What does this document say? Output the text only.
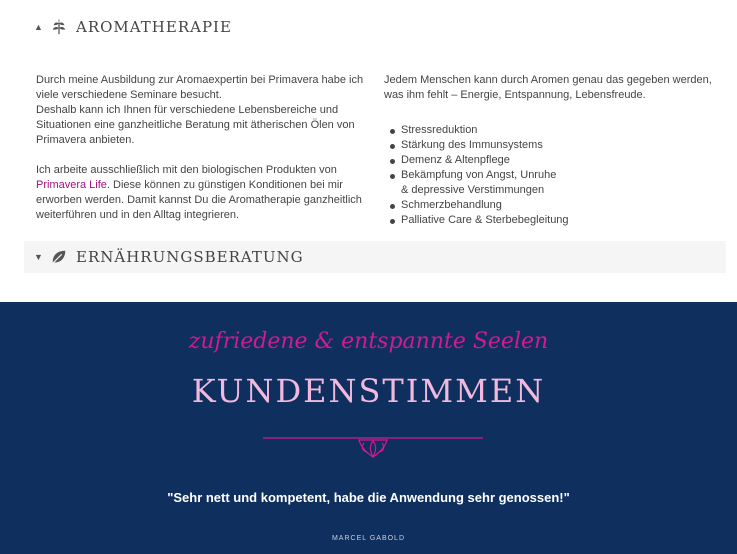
▲ AROMATHERAPIE

Durch meine Ausbildung zur Aromaexpertin bei Primavera habe ich viele verschiedene Seminare besucht.
Deshalb kann ich Ihnen für verschiedene Lebensbereiche und Situationen eine ganzheitliche Beratung mit ätherischen Ölen von Primavera anbieten.

Ich arbeite ausschließlich mit den biologischen Produkten von Primavera Life. Diese können zu günstigen Konditionen bei mir erworben werden. Damit kannst Du die Aromatherapie ganzheitlich weiterführen und in den Alltag integrieren.

Jedem Menschen kann durch Aromen genau das gegeben werden, was ihm fehlt – Energie, Entspannung, Lebensfreude.

Stressreduktion
Stärkung des Immunsystems
Demenz & Altenpflege
Bekämpfung von Angst, Unruhe
& depressive Verstimmungen
Schmerzbehandlung
Palliative Care & Sterbebegleitung
▼ ERNÄHRUNGSBERATUNG
zufriedene & entspannte Seelen
KUNDENSTIMMEN
"Sehr nett und kompetent, habe die Anwendung sehr genossen!"
MARCEL GABOLD
